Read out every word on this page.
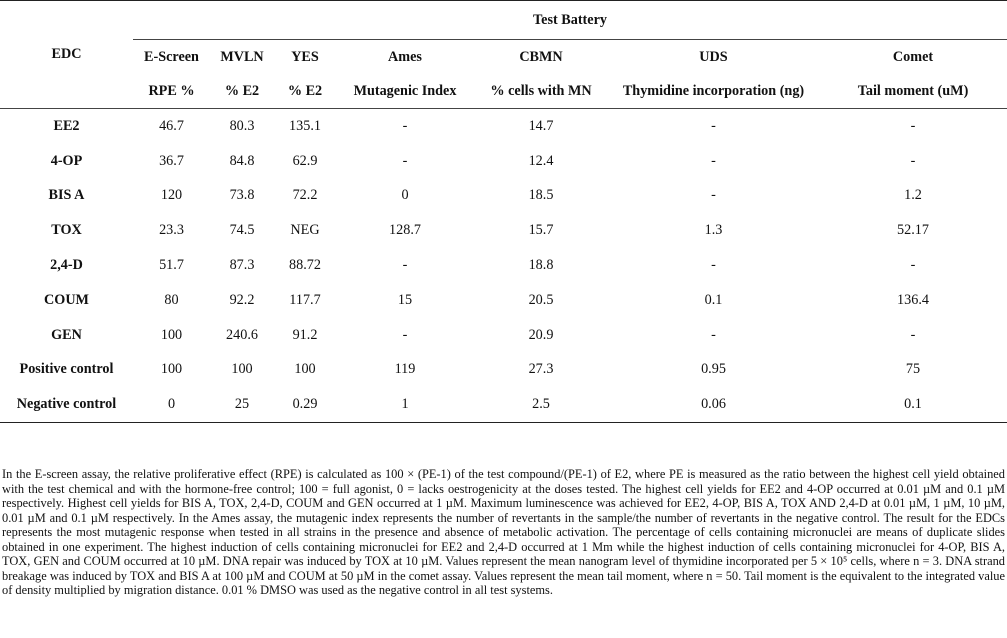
EDC	Test Battery						
	E-Screen	MVLN	YES	Ames	CBMN	UDS	Comet
	RPE %	% E2	% E2	Mutagenic Index	% cells with MN	Thymidine incorporation (ng)	Tail moment (uM)
EE2	46.7	80.3	135.1	-	14.7	-	-
4-OP	36.7	84.8	62.9	-	12.4	-	-
BIS A	120	73.8	72.2	0	18.5	-	1.2
TOX	23.3	74.5	NEG	128.7	15.7	1.3	52.17
2,4-D	51.7	87.3	88.72	-	18.8	-	-
COUM	80	92.2	117.7	15	20.5	0.1	136.4
GEN	100	240.6	91.2	-	20.9	-	-
Positive control	100	100	100	119	27.3	0.95	75
Negative control	0	25	0.29	1	2.5	0.06	0.1

In the E-screen assay, the relative proliferative effect (RPE) is calculated as 100 × (PE-1) of the test compound/(PE-1) of E2, where PE is measured as the ratio between the highest cell yield obtained with the test chemical and with the hormone-free control; 100 = full agonist, 0 = lacks oestrogenicity at the doses tested. The highest cell yields for EE2 and 4-OP occurred at 0.01 µM and 0.1 µM respectively. Highest cell yields for BIS A, TOX, 2,4-D, COUM and GEN occurred at 1 µM. Maximum luminescence was achieved for EE2, 4-OP, BIS A, TOX AND 2,4-D at 0.01 µM, 1 µM, 10 µM, 0.01 µM and 0.1 µM respectively. In the Ames assay, the mutagenic index represents the number of revertants in the sample/the number of revertants in the negative control. The result for the EDCs represents the most mutagenic response when tested in all strains in the presence and absence of metabolic activation. The percentage of cells containing micronuclei are means of duplicate slides obtained in one experiment. The highest induction of cells containing micronuclei for EE2 and 2,4-D occurred at 1 Mm while the highest induction of cells containing micronuclei for 4-OP, BIS A, TOX, GEN and COUM occurred at 10 µM. DNA repair was induced by TOX at 10 µM. Values represent the mean nanogram level of thymidine incorporated per 5 × 10⁵ cells, where n = 3. DNA strand breakage was induced by TOX and BIS A at 100 µM and COUM at 50 µM in the comet assay. Values represent the mean tail moment, where n = 50. Tail moment is the equivalent to the integrated value of density multiplied by migration distance. 0.01 % DMSO was used as the negative control in all test systems.
